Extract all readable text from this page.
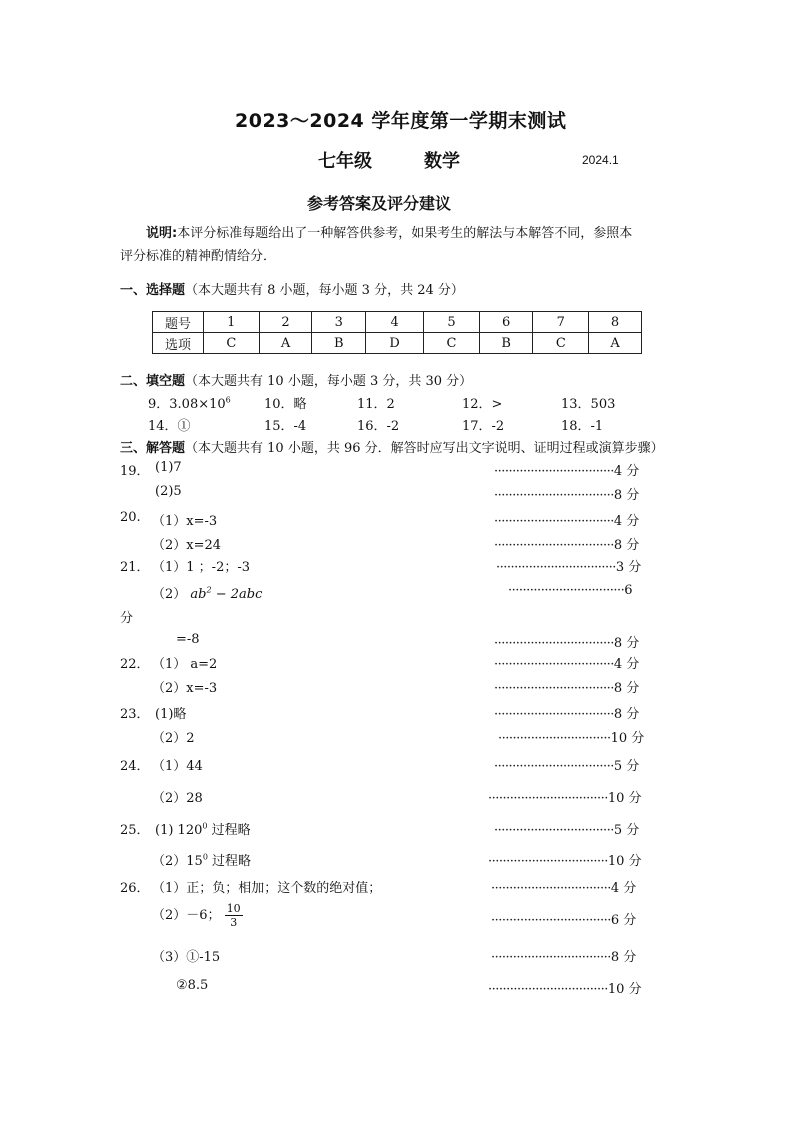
2023～2024 学年度第一学期末测试
七年级	数学	2024.1
参考答案及评分建议
说明:本评分标准每题给出了一种解答供参考，如果考生的解法与本解答不同，参照本
评分标准的精神酌情给分．
一、选择题（本大题共有 8 小题，每小题 3 分，共 24 分）
题号	1	2	3	4	5	6	7	8
选项	C	A	B	D	C	B	C	A
二、填空题（本大题共有 10 小题，每小题 3 分，共 30 分）
9．$3.08\times 10^6$	10．略	11．2	12．>	13．503
14．①	15．-4	16．-2	17．-2	18．-1
三、解答题（本大题共有 10 小题，共 96 分．解答时应写出文字说明、证明过程或演算步骤）
19． (1)7	·································4 分
(2)5	·································8 分
20. （1）x=-3	·································4 分
（2）x=24	·································8 分
21． （1）1 ；-2；-3	·································3 分
（2） $ab^2 - 2abc$	································6
分
=-8	·································8 分
22． （1） a=2	·································4 分
（2）x=-3	·································8 分
23． (1)略	·································8 分
（2）2	·······························10 分
24． （1）44	·································5 分
（2）28	·································10 分
25． (1) $120^0$ 过程略	·································5 分
$(2)15^0$ 过程略	·································10 分
26． （1）正；负；相加；这个数的绝对值；	·································4 分
（2）－6； $\frac{10}{3}$	·································6 分
（3）①-15	·································8 分
②8.5	·································10 分
